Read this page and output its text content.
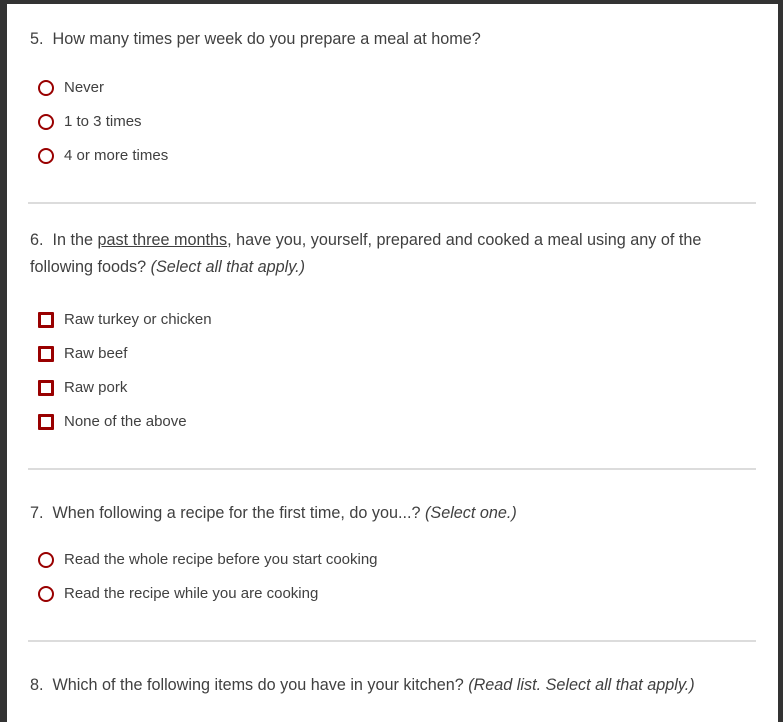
5. How many times per week do you prepare a meal at home?
Never
1 to 3 times
4 or more times
6. In the past three months, have you, yourself, prepared and cooked a meal using any of the following foods? (Select all that apply.)
Raw turkey or chicken
Raw beef
Raw pork
None of the above
7. When following a recipe for the first time, do you...? (Select one.)
Read the whole recipe before you start cooking
Read the recipe while you are cooking
8. Which of the following items do you have in your kitchen? (Read list. Select all that apply.)
